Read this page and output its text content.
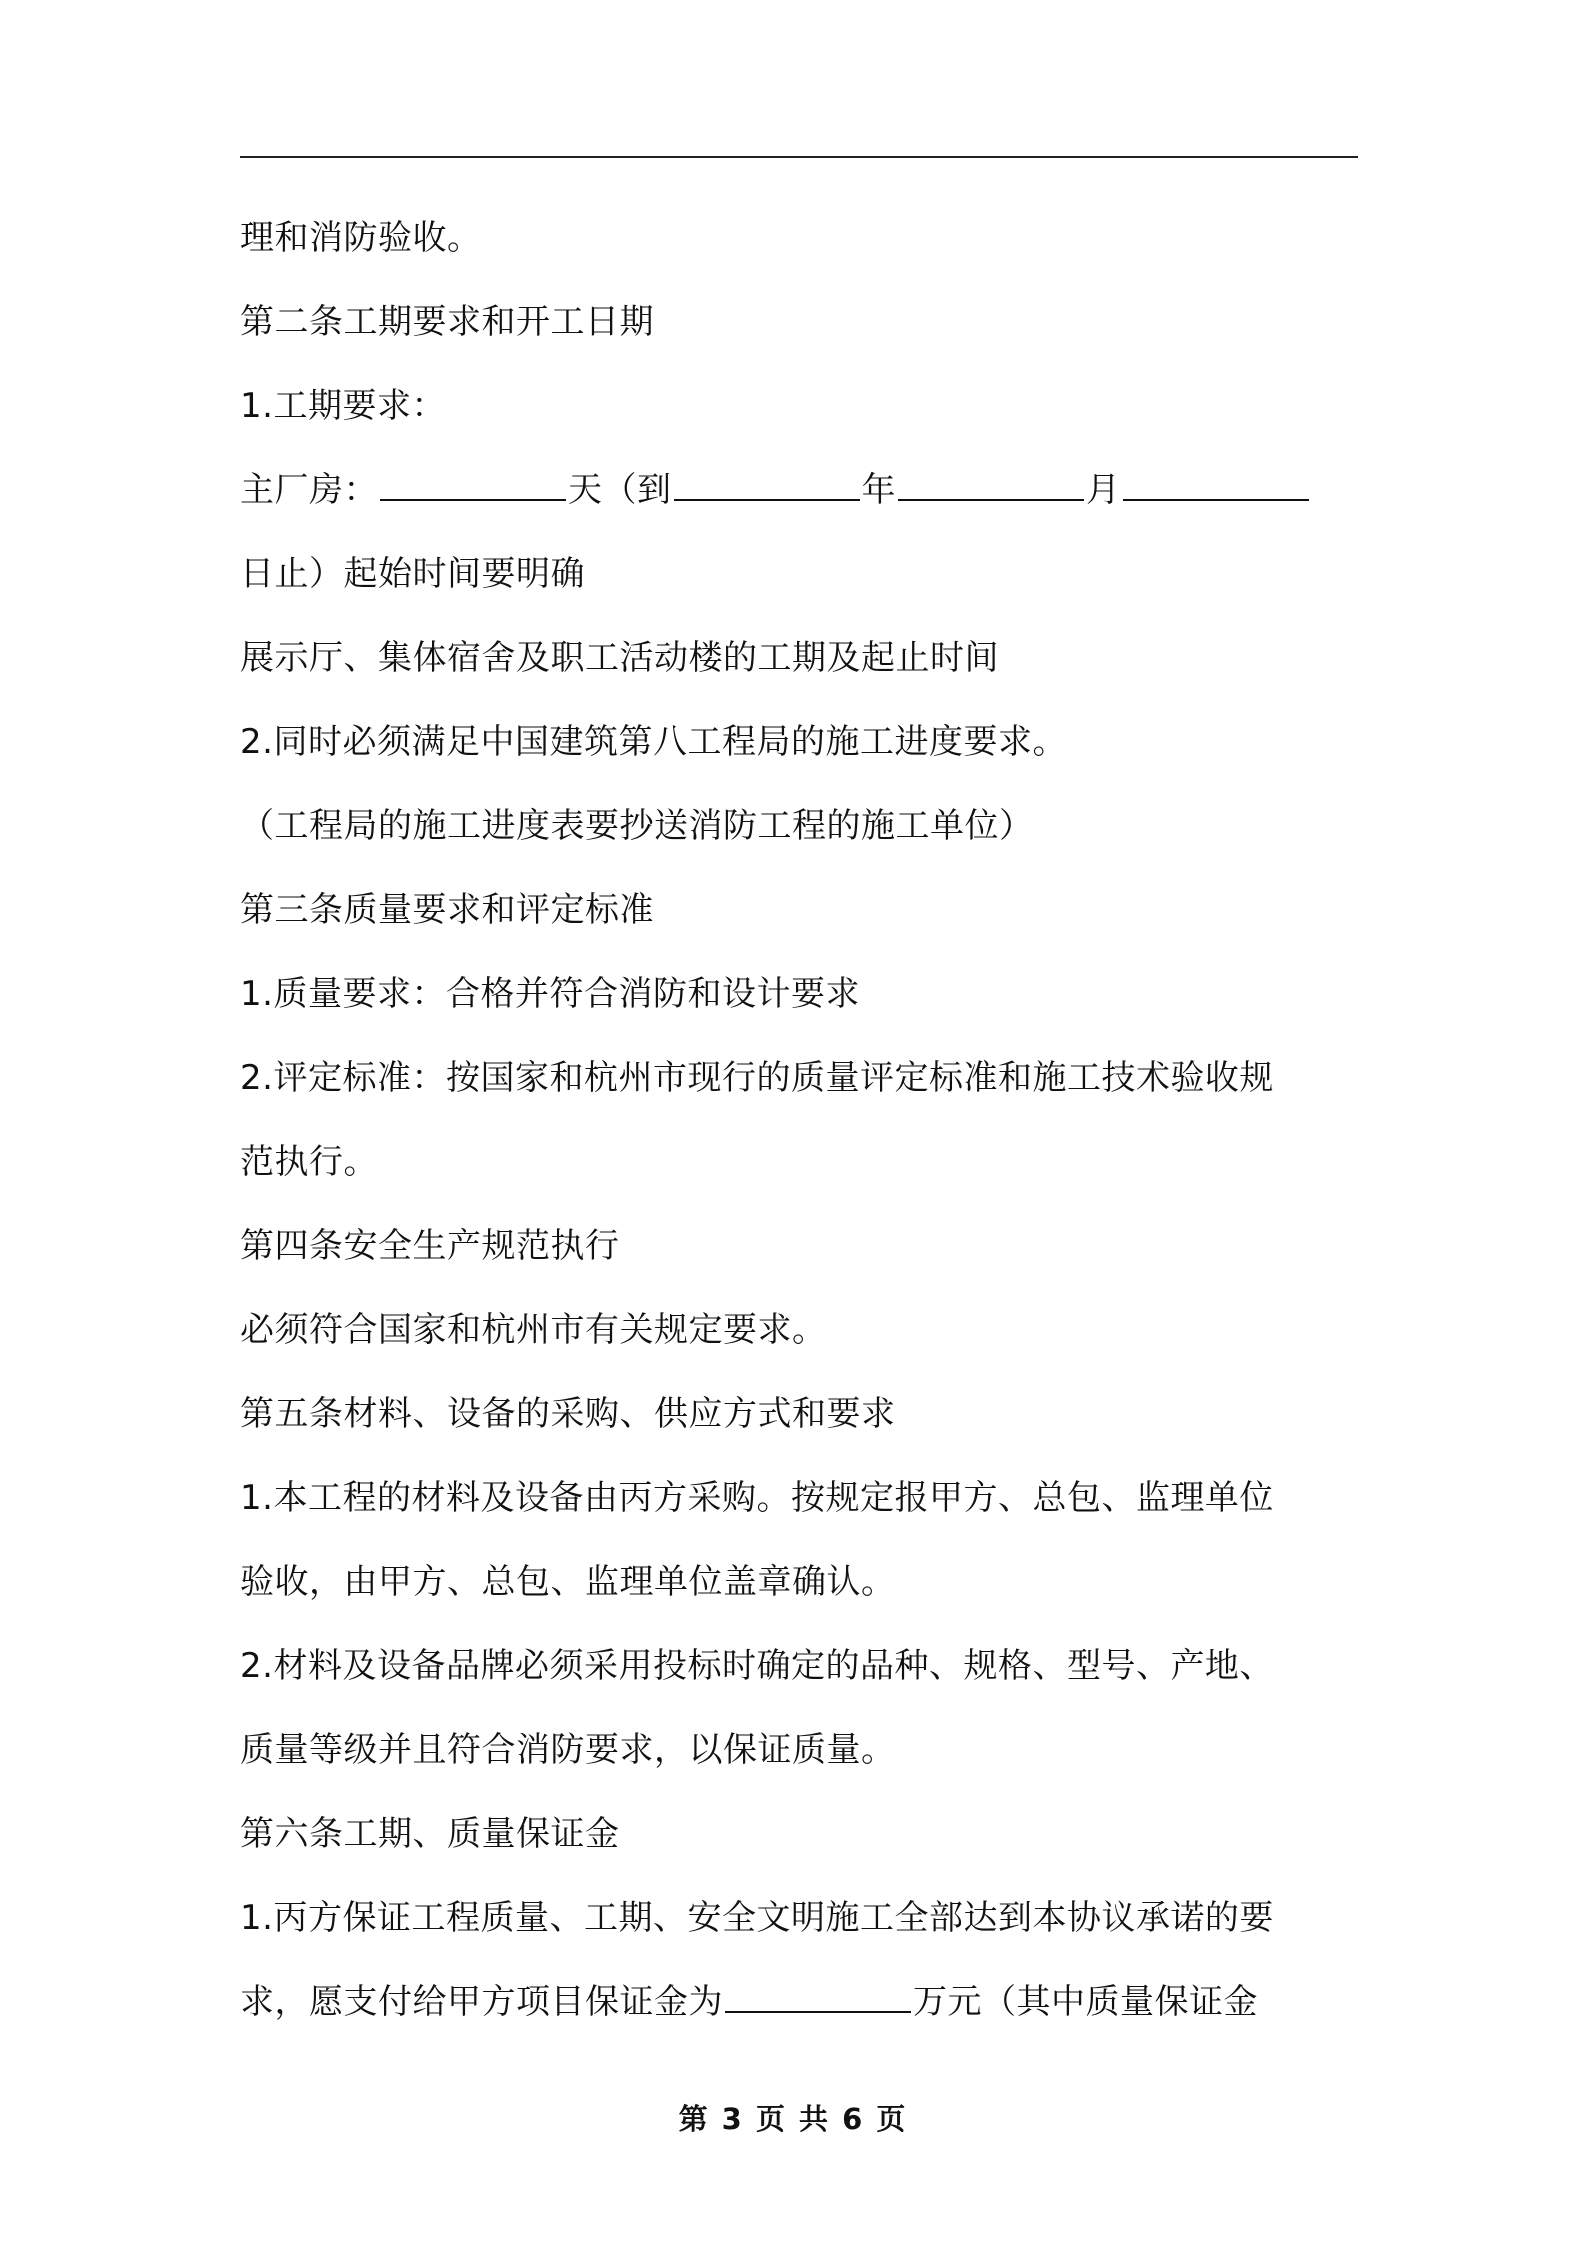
理和消防验收。
第二条工期要求和开工日期
1.工期要求：
主厂房：	天（到	年	月
日止）起始时间要明确
展示厅、集体宿舍及职工活动楼的工期及起止时间
2.同时必须满足中国建筑第八工程局的施工进度要求。
（工程局的施工进度表要抄送消防工程的施工单位）
第三条质量要求和评定标准
1.质量要求：合格并符合消防和设计要求
2.评定标准：按国家和杭州市现行的质量评定标准和施工技术验收规
范执行。
第四条安全生产规范执行
必须符合国家和杭州市有关规定要求。
第五条材料、设备的采购、供应方式和要求
1.本工程的材料及设备由丙方采购。按规定报甲方、总包、监理单位
验收，由甲方、总包、监理单位盖章确认。
2.材料及设备品牌必须采用投标时确定的品种、规格、型号、产地、
质量等级并且符合消防要求，以保证质量。
第六条工期、质量保证金
1.丙方保证工程质量、工期、安全文明施工全部达到本协议承诺的要
求，愿支付给甲方项目保证金为	万元（其中质量保证金
第 3 页 共 6 页
